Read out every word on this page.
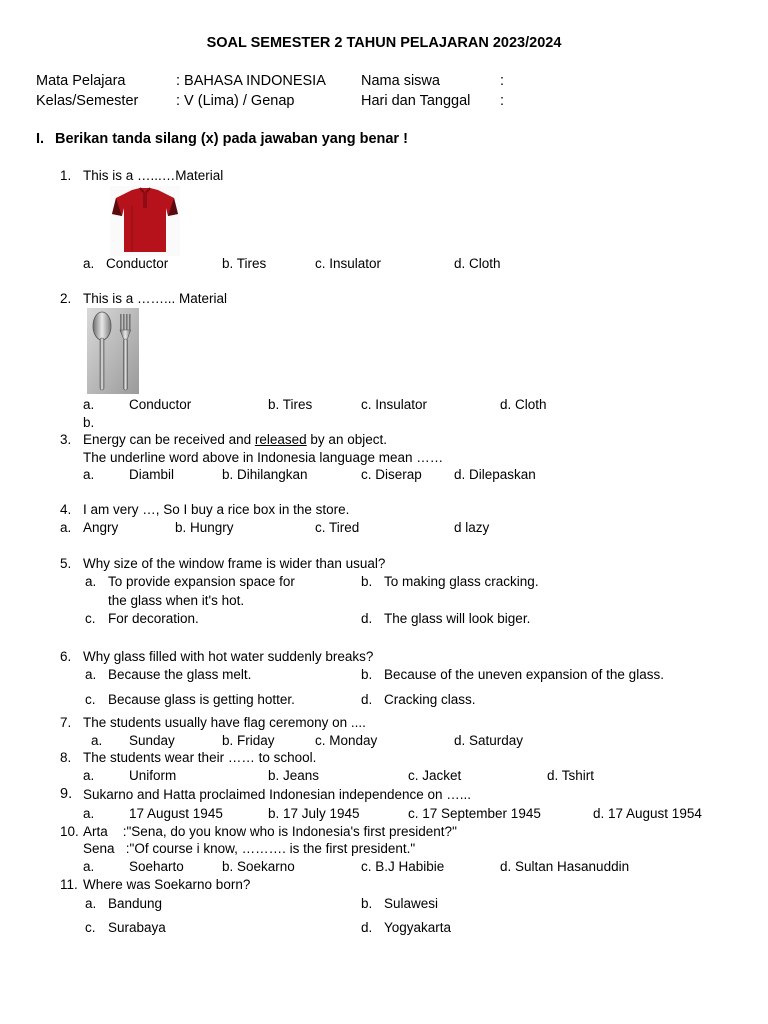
SOAL SEMESTER 2 TAHUN PELAJARAN 2023/2024
Mata Pelajara	: BAHASA INDONESIA Nama siswa	:
Kelas/Semester	: V (Lima) / Genap	Hari dan Tanggal :
I. Berikan tanda silang (x) pada jawaban yang benar !
1. This is a …...…Material
a. Conductor	b. Tires	c. Insulator	d. Cloth
2. This is a ……... Material
a.	Conductor	b. Tires	c. Insulator	d. Cloth
b.
3. Energy can be received and released by an object.
The underline word above in Indonesia language mean ……
a.	Diambil	b. Dihilangkan	c. Diserap d. Dilepaskan
4. I am very …, So I buy a rice box in the store.
a. Angry	b. Hungry	c. Tired	d lazy
5. Why size of the window frame is wider than usual?
a. To provide expansion space for
the glass when it's hot.
b. To making glass cracking.
c. For decoration.	d. The glass will look biger.
6. Why glass filled with hot water suddenly breaks?
a. Because the glass melt.	b. Because of the uneven expansion of the glass.
c. Because glass is getting hotter.	d. Cracking class.
7. The students usually have flag ceremony on ....
a. Sunday	b. Friday	c. Monday	d. Saturday
8. The students wear their …… to school.
a.	Uniform	b. Jeans	c. Jacket	d. Tshirt
9. Sukarno and Hatta proclaimed Indonesian independence on …...
a.	17 August 1945	b. 17 July 1945	c. 17 September 1945	d. 17 August 1954
10. Arta    :"Sena, do you know who is Indonesia's first president?"
Sena   :"Of course i know, ………. is the first president."
a.	Soeharto	b. Soekarno	c. B.J Habibie	d. Sultan Hasanuddin
11. Where was Soekarno born?
a. Bandung	b. Sulawesi
c. Surabaya	d. Yogyakarta
